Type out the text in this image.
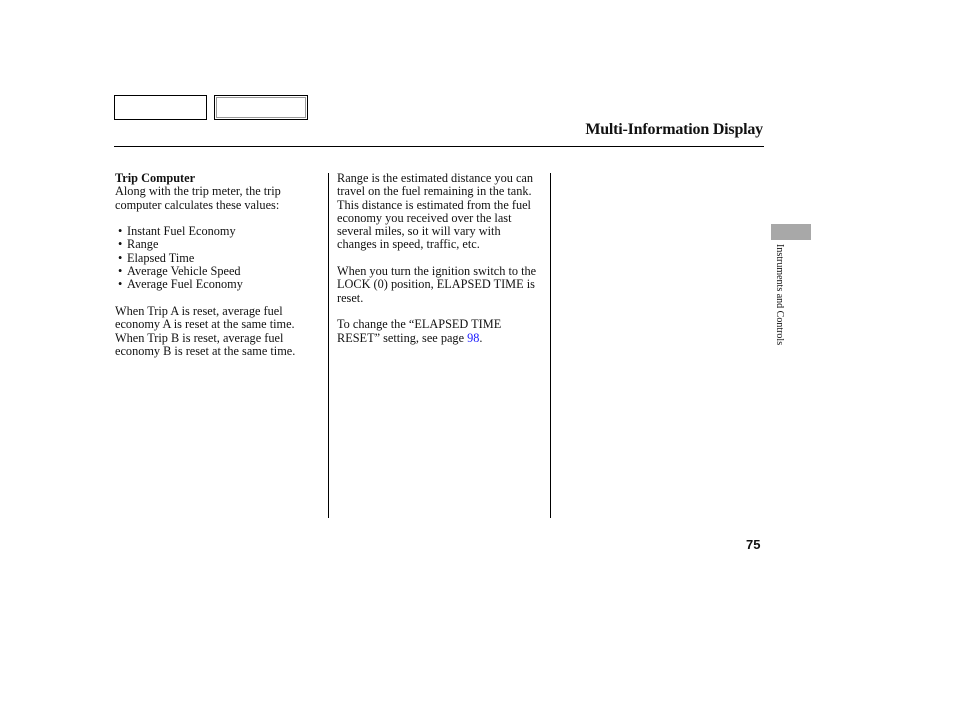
Multi-Information Display

Trip Computer

Along with the trip meter, the trip computer calculates these values:

• Instant Fuel Economy
• Range
• Elapsed Time
• Average Vehicle Speed
• Average Fuel Economy

When Trip A is reset, average fuel economy A is reset at the same time. When Trip B is reset, average fuel economy B is reset at the same time.

Range is the estimated distance you can travel on the fuel remaining in the tank. This distance is estimated from the fuel economy you received over the last several miles, so it will vary with changes in speed, traffic, etc.

When you turn the ignition switch to the LOCK (0) position, ELAPSED TIME is reset.

To change the “ELAPSED TIME RESET” setting, see page 98.	Instruments and Controls
75
